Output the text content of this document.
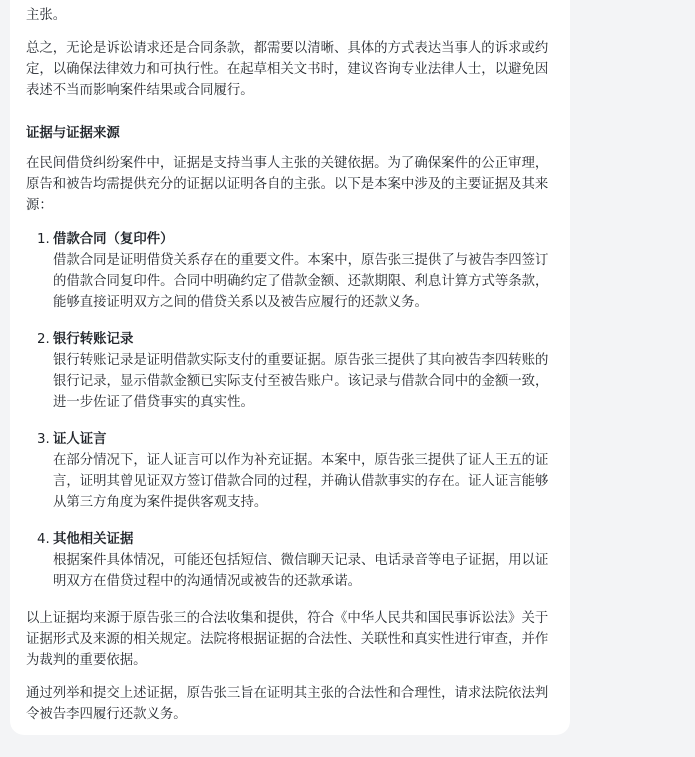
主张。

总之，无论是诉讼请求还是合同条款，都需要以清晰、具体的方式表达当事人的诉求或约定，以确保法律效力和可执行性。在起草相关文书时，建议咨询专业法律人士，以避免因表述不当而影响案件结果或合同履行。

证据与证据来源

在民间借贷纠纷案件中，证据是支持当事人主张的关键依据。为了确保案件的公正审理，原告和被告均需提供充分的证据以证明各自的主张。以下是本案中涉及的主要证据及其来源：

1. 借款合同（复印件）
借款合同是证明借贷关系存在的重要文件。本案中，原告张三提供了与被告李四签订的借款合同复印件。合同中明确约定了借款金额、还款期限、利息计算方式等条款，能够直接证明双方之间的借贷关系以及被告应履行的还款义务。
2. 银行转账记录
银行转账记录是证明借款实际支付的重要证据。原告张三提供了其向被告李四转账的银行记录，显示借款金额已实际支付至被告账户。该记录与借款合同中的金额一致，进一步佐证了借贷事实的真实性。
3. 证人证言
在部分情况下，证人证言可以作为补充证据。本案中，原告张三提供了证人王五的证言，证明其曾见证双方签订借款合同的过程，并确认借款事实的存在。证人证言能够从第三方角度为案件提供客观支持。
4. 其他相关证据
根据案件具体情况，可能还包括短信、微信聊天记录、电话录音等电子证据，用以证明双方在借贷过程中的沟通情况或被告的还款承诺。

以上证据均来源于原告张三的合法收集和提供，符合《中华人民共和国民事诉讼法》关于证据形式及来源的相关规定。法院将根据证据的合法性、关联性和真实性进行审查，并作为裁判的重要依据。

通过列举和提交上述证据，原告张三旨在证明其主张的合法性和合理性，请求法院依法判令被告李四履行还款义务。
